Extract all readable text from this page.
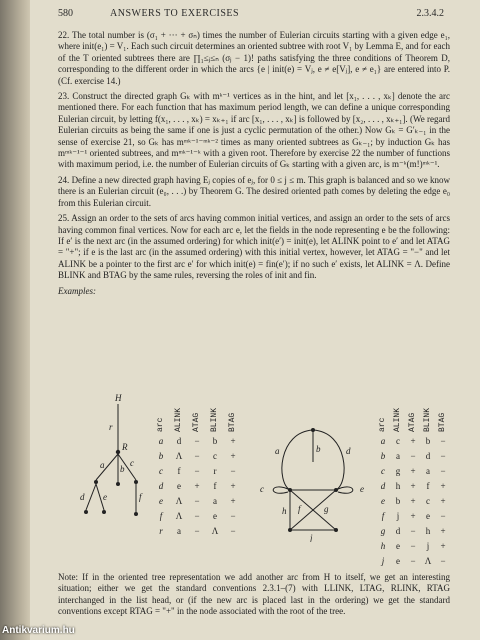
580	ANSWERS TO EXERCISES	2.3.4.2

22. The total number is (σ₁ + ··· + σₙ) times the number of Eulerian circuits starting with a given edge e₁, where init(e₁) = V₁. Each such circuit determines an oriented subtree with root V₁ by Lemma E, and for each of the T oriented subtrees there are ∏₁≤ⱼ≤ₙ (σⱼ − 1)! paths satisfying the three conditions of Theorem D, corresponding to the different order in which the arcs {e | init(e) = Vⱼ, e ≠ e[Vⱼ], e ≠ e₁} are entered into P. (Cf. exercise 14.)

23. Construct the directed graph Gₖ with mᵏ⁻¹ vertices as in the hint, and let [x₁, . . . , xₖ] denote the arc mentioned there. For each function that has maximum period length, we can define a unique corresponding Eulerian circuit, by letting f(x₁, . . . , xₖ) = xₖ₊₁ if arc [x₁, . . . , xₖ] is followed by [x₂, . . . , xₖ₊₁]. (We regard Eulerian circuits as being the same if one is just a cyclic permutation of the other.) Now Gₖ = G′ₖ₋₁ in the sense of exercise 21, so Gₖ has mᵐᵏ⁻¹⁻ᵐᵏ⁻² times as many oriented subtrees as Gₖ₋₁; by induction Gₖ has mᵐᵏ⁻¹⁻¹ oriented subtrees, and mᵐᵏ⁻¹⁻ᵏ with a given root. Therefore by exercise 22 the number of functions with maximum period, i.e. the number of Eulerian circuits of Gₖ starting with a given arc, is m⁻ᵏ(m!)ᵐᵏ⁻¹.

24. Define a new directed graph having Eⱼ copies of eⱼ, for 0 ≤ j ≤ m. This graph is balanced and so we know there is an Eulerian circuit (e₀, . . .) by Theorem G. The desired oriented path comes by deleting the edge e₀ from this Eulerian circuit.

25. Assign an order to the sets of arcs having common initial vertices, and assign an order to the sets of arcs having common final vertices. Now for each arc e, let the fields in the node representing e be the following: If e′ is the next arc (in the assumed ordering) for which init(e′) = init(e), let ALINK point to e′ and let ATAG = "+"; if e is the last arc (in the assumed ordering) with this initial vertex, however, let ATAG = "−" and let ALINK be a pointer to the first arc e′ for which init(e) = fin(e′); if no such e′ exists, let ALINK = Λ. Define BLINK and BTAG by the same rules, reversing the roles of init and fin.

Examples:

H
r
R
a b
c
d e	f
arc ALINK ATAG BLINK BTAG
a	d	−	b	+
b	Λ	−	c	+
c	f	−	r	−
d	e	+	f	+
e	Λ	−	a	+
f	Λ	−	e	−
r	a	−	Λ	−
a	b
c
d
e
f	g
h
j
arc ALINK ATAG BLINK BTAG
a	c	+	b	−
b	a	−	d	−
c	g	+	a	−
d	h	+	f	+
e	b	+	c	+
f	j	+	e	−
g	d	−	h	+
h	e	−	j	+
j	e	−	Λ	−
Note: If in the oriented tree representation we add another arc from H to itself, we get an interesting situation; either we get the standard conventions 2.3.1–(7) with LLINK, LTAG, RLINK, RTAG interchanged in the list head, or (if the new arc is placed last in the ordering) we get the standard conventions except RTAG = "+" in the node associated with the root of the tree.
Antikvarium.hu
